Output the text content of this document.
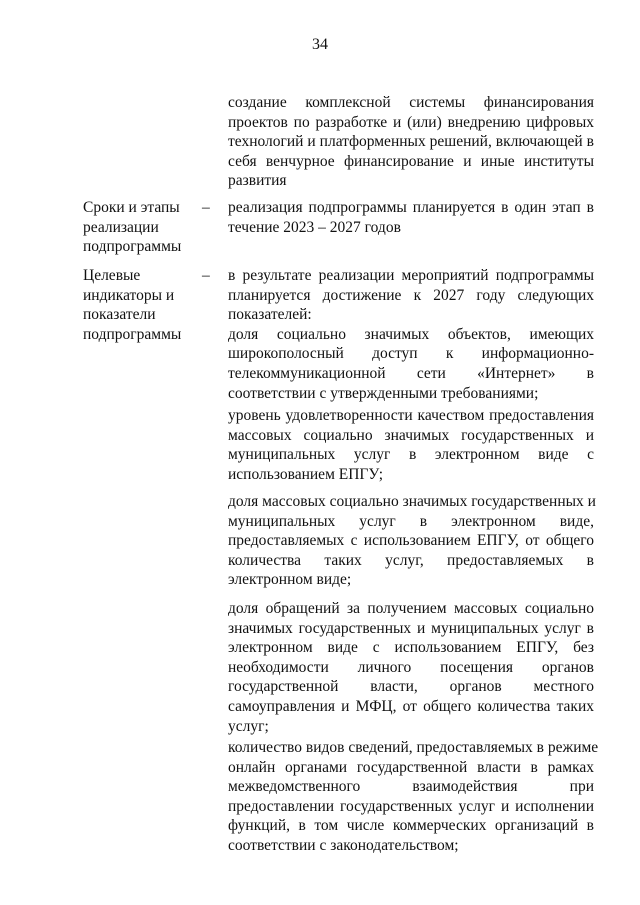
34
создание комплексной системы финансирования
проектов по разработке и (или) внедрению цифровых
технологий и платформенных решений, включающей в
себя венчурное финансирование и иные институты
развития
Сроки и этапы
реализации
подпрограммы
– реализация подпрограммы планируется в один этап в
течение 2023 – 2027 годов
Целевые
индикаторы и
показатели
подпрограммы
– в результате реализации мероприятий подпрограммы
планируется достижение к 2027 году следующих
показателей:
доля социально значимых объектов, имеющих
широкополосный доступ к информационно-
телекоммуникационной сети «Интернет» в
соответствии с утвержденными требованиями;
уровень удовлетворенности качеством предоставления
массовых социально значимых государственных и
муниципальных услуг в электронном виде с
использованием ЕПГУ;
доля массовых социально значимых государственных и
муниципальных услуг в электронном виде,
предоставляемых с использованием ЕПГУ, от общего
количества таких услуг, предоставляемых в
электронном виде;
доля обращений за получением массовых социально
значимых государственных и муниципальных услуг в
электронном виде с использованием ЕПГУ, без
необходимости личного посещения органов
государственной власти, органов местного
самоуправления и МФЦ, от общего количества таких
услуг;
количество видов сведений, предоставляемых в режиме
онлайн органами государственной власти в рамках
межведомственного взаимодействия при
предоставлении государственных услуг и исполнении
функций, в том числе коммерческих организаций в
соответствии с законодательством;
